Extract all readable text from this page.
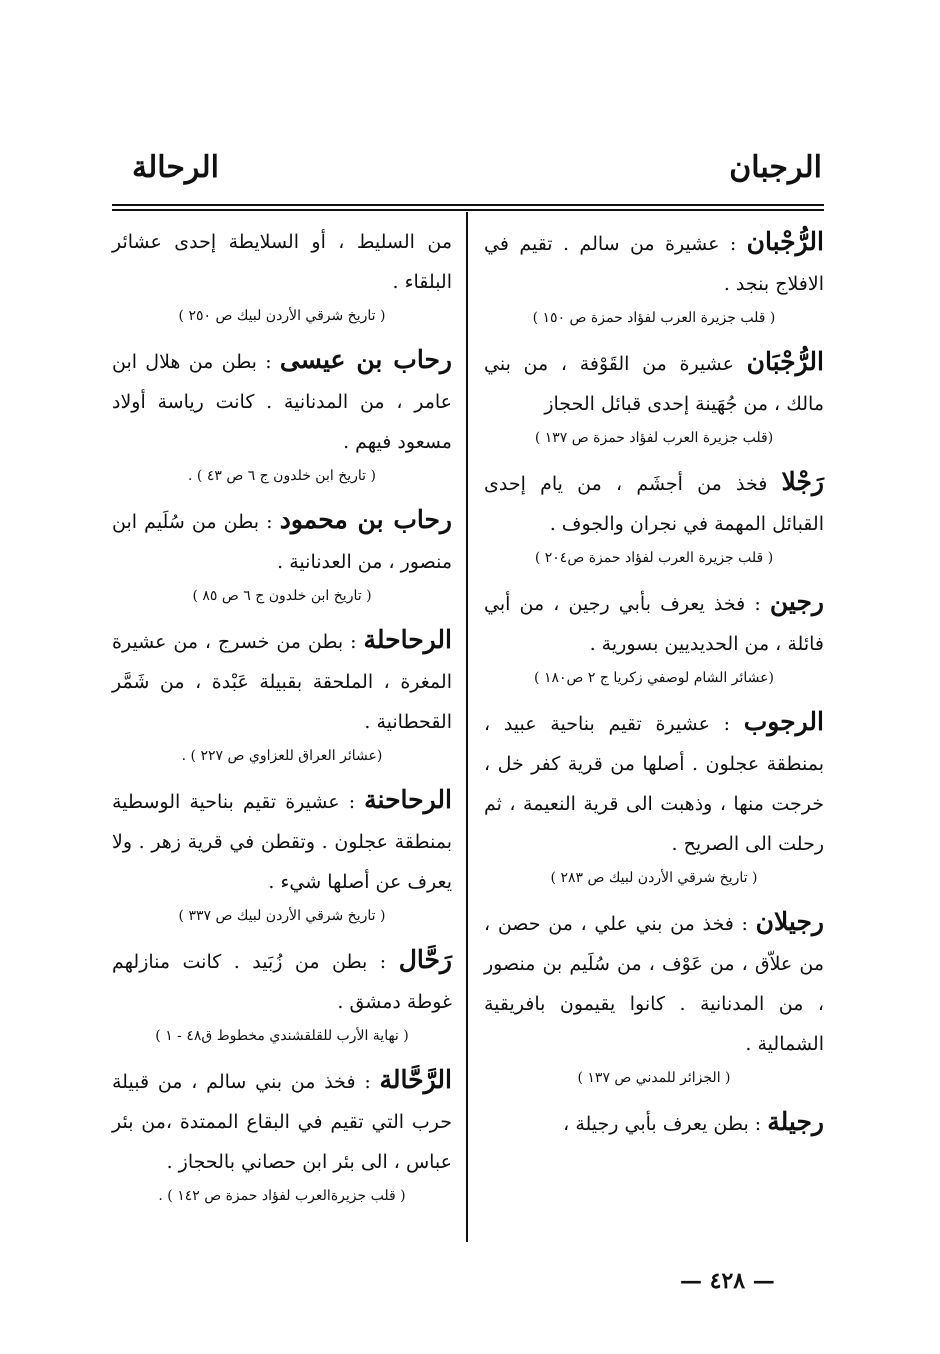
الرجبان
الرحالة

الرُّجْبان : عشيرة من سالم . تقيم في الافلاج بنجد .

( قلب جزيرة العرب لفؤاد حمزة ص ١٥٠ )

الرُّجْبَان عشيرة من القَوْفة ، من بني مالك ، من جُهَينة إحدى قبائل الحجاز

(قلب جزيرة العرب لفؤاد حمزة ص ١٣٧ )

رَجْلا فخذ من أجشَم ، من يام إحدى القبائل المهمة في نجران والجوف .

( قلب جزيرة العرب لفؤاد حمزة ص٢٠٤ )

رجين : فخذ يعرف بأبي رجين ، من أبي فائلة ، من الحديديين بسورية .

(عشائر الشام لوصفي زكريا ج ٢ ص١٨٠ )

الرجوب : عشيرة تقيم بناحية عبيد ، بمنطقة عجلون . أصلها من قرية كفر خل ، خرجت منها ، وذهبت الى قرية النعيمة ، ثم رحلت الى الصريح .

( تاريخ شرقي الأردن لبيك ص ٢٨٣ )

رجيلان : فخذ من بني علي ، من حصن ، من علاّق ، من عَوْف ، من سُلَيم بن منصور ، من المدنانية . كانوا يقيمون بافريقية الشمالية .

( الجزائر للمدني ص ١٣٧ )

رجيلة : بطن يعرف بأبي رجيلة ،

من السليط ، أو السلايطة إحدى عشائر البلقاء .

( تاريخ شرقي الأردن لبيك ص ٢٥٠ )

رحاب بن عيسى : بطن من هلال ابن عامر ، من المدنانية . كانت رياسة أولاد مسعود فيهم .

( تاريخ ابن خلدون ج ٦ ص ٤٣ ) .

رحاب بن محمود : بطن من سُلَيم ابن منصور ، من العدنانية .

( تاريخ ابن خلدون ج ٦ ص ٨٥ )

الرحاحلة : بطن من خسرج ، من عشيرة المغرة ، الملحقة بقبيلة عَبْدة ، من شَمَّر القحطانية .

(عشائر العراق للعزاوي ص ٢٢٧ ) .

الرحاحنة : عشيرة تقيم بناحية الوسطية بمنطقة عجلون . وتقطن في قرية زهر . ولا يعرف عن أصلها شيء .

( تاريخ شرقي الأردن لبيك ص ٣٣٧ )

رَحَّال : بطن من زُبَيد . كانت منازلهم غوطة دمشق .

( نهاية الأرب للقلقشندي مخطوط ق٤٨ - ١ )

الرَّحَّالة : فخذ من بني سالم ، من قبيلة حرب التي تقيم في البقاع الممتدة ،من بئر عباس ، الى بئر ابن حصاني بالحجاز .

( قلب جزيرةالعرب لفؤاد حمزة ص ١٤٢ ) .
— ٤٢٨ —
